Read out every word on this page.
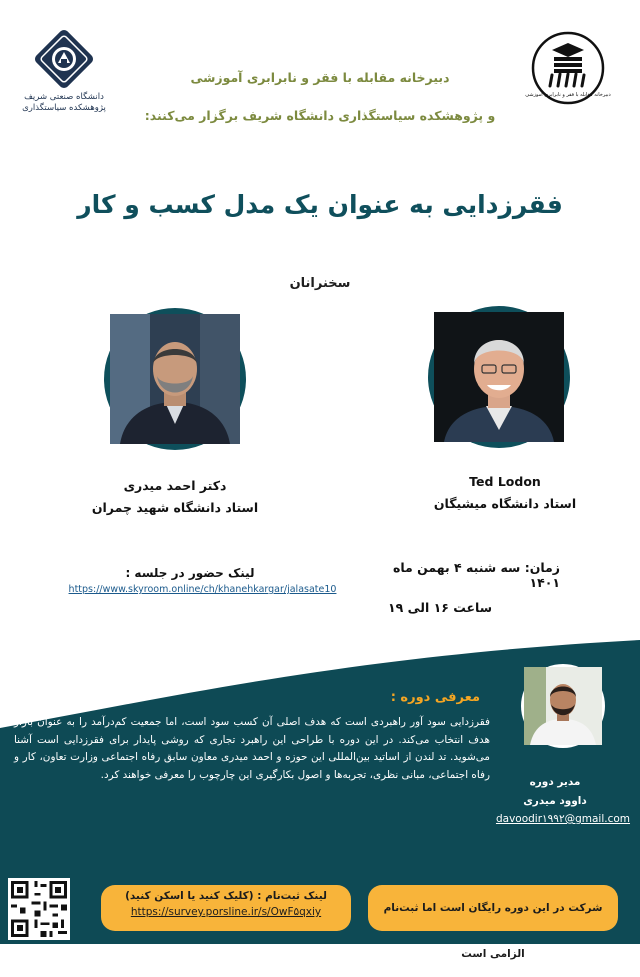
دانشگاه صنعتی شریف
پژوهشکده سیاستگذاری
دبیرخانه مقابله با فقر و نابرابری آموزشی
دبیرخانه مقابله با فقر و نابرابری آموزشی
و پژوهشکده سیاستگذاری دانشگاه شریف برگزار می‌کنند:
فقرزدایی به عنوان یک مدل کسب و کار
سخنرانان
دکتر احمد میدری
استاد دانشگاه شهید چمران
Ted Lodon
استاد دانشگاه میشیگان
لینک حضور در جلسه :
https://www.skyroom.online/ch/khanehkargar/jalasate10
زمان: سه شنبه ۴ بهمن ماه ۱۴۰۱
ساعت ۱۶ الی ۱۹
معرفی دوره :
فقرزدایی سود آور راهبردی است که هدف اصلی آن کسب سود است، اما جمعیت کم‌درآمد را به عنوان بازار هدف انتخاب می‌کند. در این دوره با طراحی این راهبرد تجاری که روشی پایدار برای فقرزدایی است آشنا می‌شوید. تد لندن از اساتید بین‌المللی این حوزه و احمد میدری معاون سابق رفاه اجتماعی وزارت تعاون، کار و رفاه اجتماعی، مبانی نظری، تجربه‌ها و اصول بکارگیری این چارچوب را معرفی خواهند کرد.
مدیر دوره
داوود میدری
davoodir۱۹۹۲@gmail.com
لینک ثبت‌نام : (کلیک کنید یا اسکن کنید)
https://survey.porsline.ir/s/OwF۵qxiy	شرکت در این دوره رایگان است اما ثبت‌نام الزامی است
